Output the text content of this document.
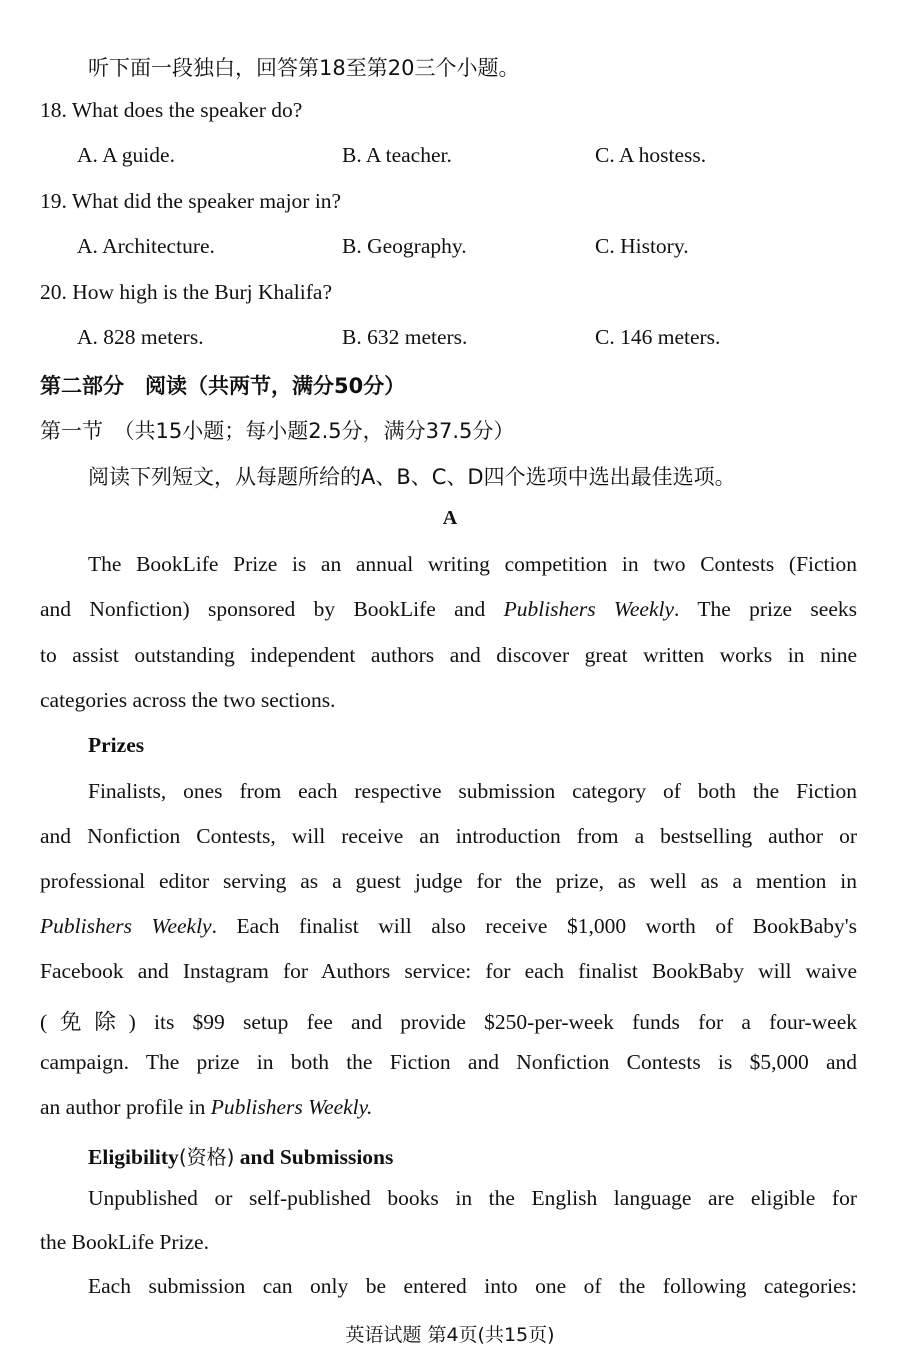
听下面一段独白，回答第18至第20三个小题。
18. What does the speaker do?
A. A guide.	B. A teacher.	C. A hostess.
19. What did the speaker major in?
A. Architecture.	B. Geography.	C. History.
20. How high is the Burj Khalifa?
A. 828 meters.	B. 632 meters.	C. 146 meters.
第二部分　阅读（共两节，满分50分）
第一节　（共15小题；每小题2.5分，满分37.5分）
阅读下列短文，从每题所给的A、B、C、D四个选项中选出最佳选项。
A
The BookLife Prize is an annual writing competition in two Contests (Fiction
and Nonfiction) sponsored by BookLife and Publishers Weekly. The prize seeks
to assist outstanding independent authors and discover great written works in nine
categories across the two sections.
Prizes
Finalists, ones from each respective submission category of both the Fiction
and Nonfiction Contests, will receive an introduction from a bestselling author or
professional editor serving as a guest judge for the prize, as well as a mention in
Publishers Weekly. Each finalist will also receive $1,000 worth of BookBaby's
Facebook and Instagram for Authors service: for each finalist BookBaby will waive
(免除) its $99 setup fee and provide $250-per-week funds for a four-week
campaign. The prize in both the Fiction and Nonfiction Contests is $5,000 and
an author profile in Publishers Weekly.
Eligibility(资格) and Submissions
Unpublished or self-published books in the English language are eligible for
the BookLife Prize.
Each submission can only be entered into one of the following categories:
英语试题 第4页(共15页)
